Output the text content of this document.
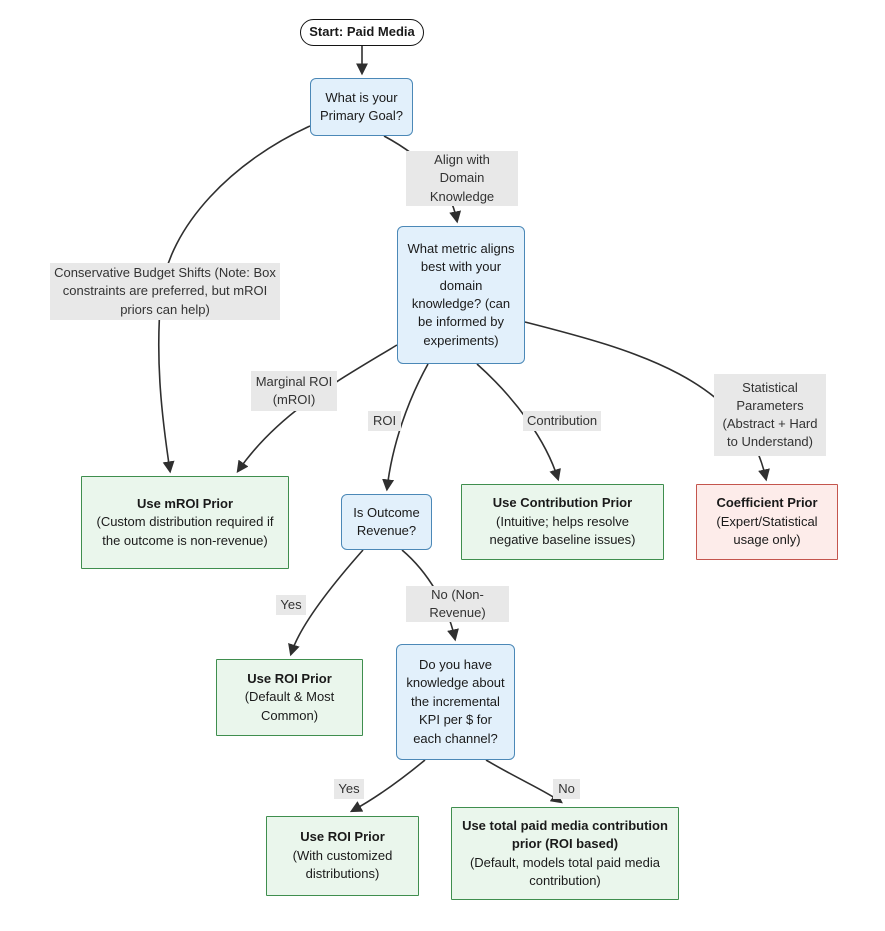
Start: Paid Media
What is your Primary Goal?
What metric aligns best with your domain knowledge? (can be informed by experiments)
Use mROI Prior
(Custom distribution required if the outcome is non-revenue)
Is Outcome Revenue?
Use Contribution Prior
(Intuitive; helps resolve negative baseline issues)
Coefficient Prior
(Expert/Statistical usage only)
Use ROI Prior
(Default & Most Common)
Do you have knowledge about the incremental KPI per $ for each channel?
Use ROI Prior
(With customized distributions)
Use total paid media contribution prior (ROI based)
(Default, models total paid media contribution)
Conservative Budget Shifts (Note: Box constraints are preferred, but mROI priors can help)
Align with Domain Knowledge
Marginal ROI (mROI)
ROI	Contribution
Statistical Parameters (Abstract + Hard to Understand)
Yes
No (Non-Revenue)
Yes	No
